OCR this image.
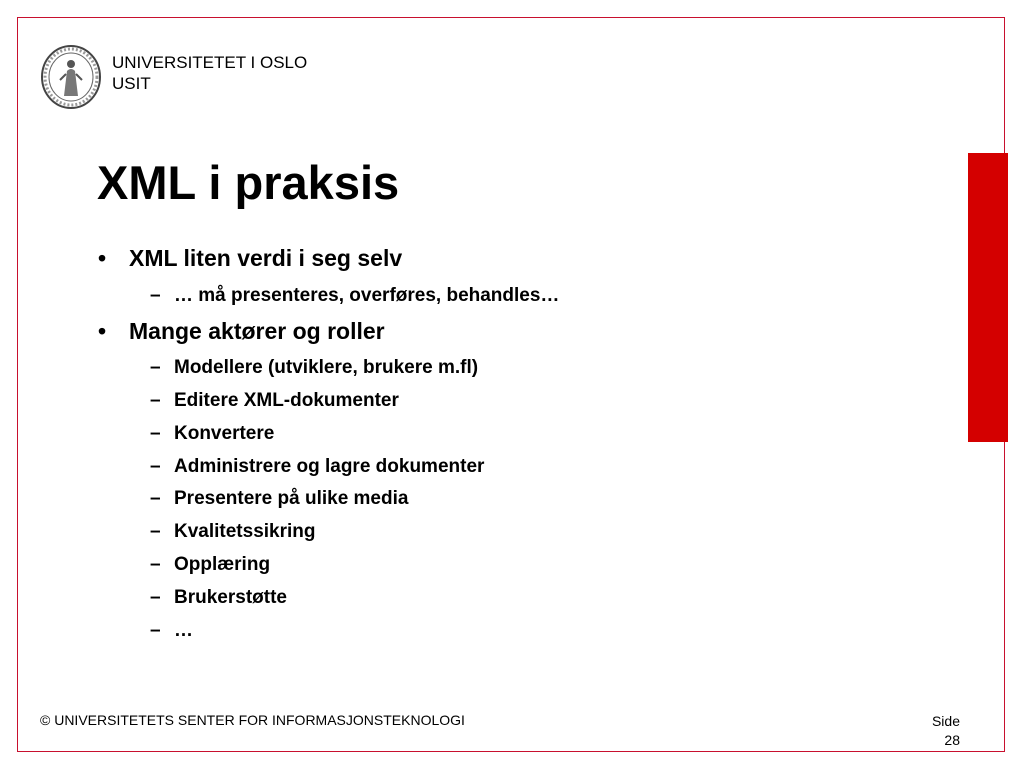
UNIVERSITETET I OSLO
USIT
XML i praksis
• XML liten verdi i seg selv
– … må presenteres, overføres, behandles…
• Mange aktører og roller
– Modellere (utviklere, brukere m.fl)
– Editere XML-dokumenter
– Konvertere
– Administrere og lagre dokumenter
– Presentere på ulike media
– Kvalitetssikring
– Opplæring
– Brukerstøtte
– …
© UNIVERSITETETS SENTER FOR INFORMASJONSTEKNOLOGI	Side
28
